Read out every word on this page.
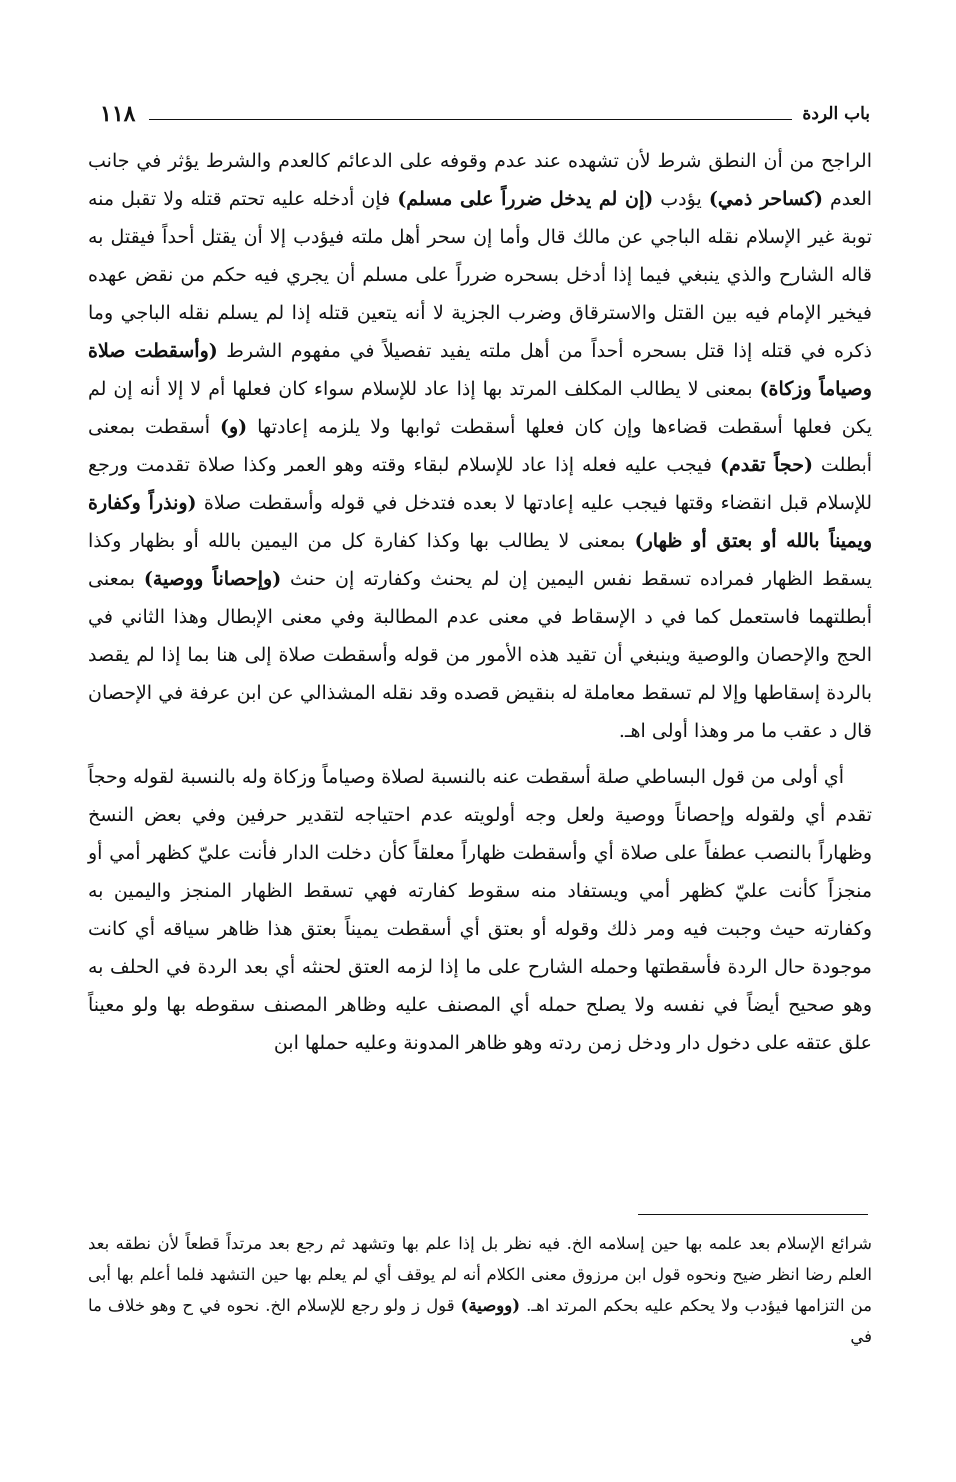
١١٨	باب الردة

الراجح من أن النطق شرط لأن تشهده عند عدم وقوفه على الدعائم كالعدم والشرط يؤثر في جانب العدم (كساحر ذمي) يؤدب (إن لم يدخل ضرراً على مسلم) فإن أدخله عليه تحتم قتله ولا تقبل منه توبة غير الإسلام نقله الباجي عن مالك قال وأما إن سحر أهل ملته فيؤدب إلا أن يقتل أحداً فيقتل به قاله الشارح والذي ينبغي فيما إذا أدخل بسحره ضرراً على مسلم أن يجري فيه حكم من نقض عهده فيخير الإمام فيه بين القتل والاسترقاق وضرب الجزية لا أنه يتعين قتله إذا لم يسلم نقله الباجي وما ذكره في قتله إذا قتل بسحره أحداً من أهل ملته يفيد تفصيلاً في مفهوم الشرط (وأسقطت صلاة وصياماً وزكاة) بمعنى لا يطالب المكلف المرتد بها إذا عاد للإسلام سواء كان فعلها أم لا إلا أنه إن لم يكن فعلها أسقطت قضاءها وإن كان فعلها أسقطت ثوابها ولا يلزمه إعادتها (و) أسقطت بمعنى أبطلت (حجاً تقدم) فيجب عليه فعله إذا عاد للإسلام لبقاء وقته وهو العمر وكذا صلاة تقدمت ورجع للإسلام قبل انقضاء وقتها فيجب عليه إعادتها لا بعده فتدخل في قوله وأسقطت صلاة (ونذراً وكفارة ويميناً بالله أو بعتق أو ظهار) بمعنى لا يطالب بها وكذا كفارة كل من اليمين بالله أو بظهار وكذا يسقط الظهار فمراده تسقط نفس اليمين إن لم يحنث وكفارته إن حنث (وإحصاناً ووصية) بمعنى أبطلتهما فاستعمل كما في د الإسقاط في معنى عدم المطالبة وفي معنى الإبطال وهذا الثاني في الحج والإحصان والوصية وينبغي أن تقيد هذه الأمور من قوله وأسقطت صلاة إلى هنا بما إذا لم يقصد بالردة إسقاطها وإلا لم تسقط معاملة له بنقيض قصده وقد نقله المشذالي عن ابن عرفة في الإحصان قال د عقب ما مر وهذا أولى اهـ.

أي أولى من قول البساطي صلة أسقطت عنه بالنسبة لصلاة وصياماً وزكاة وله بالنسبة لقوله وحجاً تقدم أي ولقوله وإحصاناً ووصية ولعل وجه أولويته عدم احتياجه لتقدير حرفين وفي بعض النسخ وظهاراً بالنصب عطفاً على صلاة أي وأسقطت ظهاراً معلقاً كأن دخلت الدار فأنت عليّ كظهر أمي أو منجزاً كأنت عليّ كظهر أمي ويستفاد منه سقوط كفارته فهي تسقط الظهار المنجز واليمين به وكفارته حيث وجبت فيه ومر ذلك وقوله أو بعتق أي أسقطت يميناً بعتق هذا ظاهر سياقه أي كانت موجودة حال الردة فأسقطتها وحمله الشارح على ما إذا لزمه العتق لحنثه أي بعد الردة في الحلف به وهو صحيح أيضاً في نفسه ولا يصلح حمله أي المصنف عليه وظاهر المصنف سقوطه بها ولو معيناً علق عتقه على دخول دار ودخل زمن ردته وهو ظاهر المدونة وعليه حملها ابن

شرائع الإسلام بعد علمه بها حين إسلامه الخ. فيه نظر بل إذا علم بها وتشهد ثم رجع بعد مرتداً قطعاً لأن نطقه بعد العلم رضا انظر ضيح ونحوه قول ابن مرزوق معنى الكلام أنه لم يوقف أي لم يعلم بها حين التشهد فلما أعلم بها أبى من التزامها فيؤدب ولا يحكم عليه بحكم المرتد اهـ. (ووصية) قول ز ولو رجع للإسلام الخ. نحوه في ح وهو خلاف ما في
